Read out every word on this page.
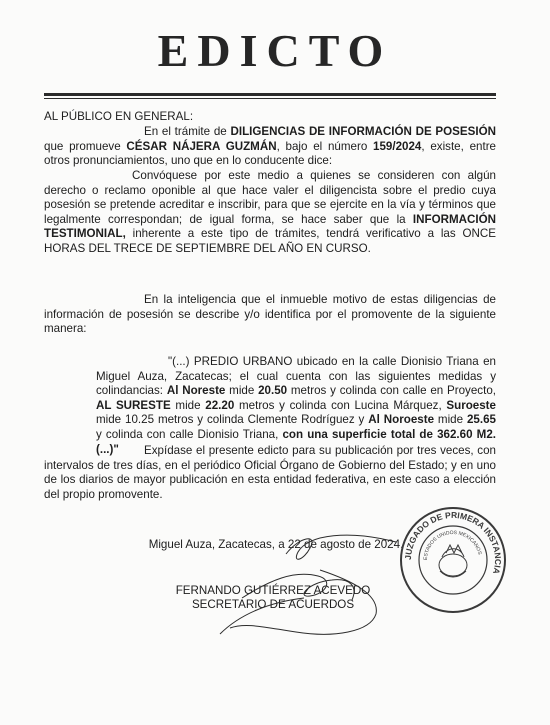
EDICTO

AL PÚBLICO EN GENERAL:

En el trámite de DILIGENCIAS DE INFORMACIÓN DE POSESIÓN que promueve CÉSAR NÁJERA GUZMÁN, bajo el número 159/2024, existe, entre otros pronunciamientos, uno que en lo conducente dice:

Convóquese por este medio a quienes se consideren con algún derecho o reclamo oponible al que hace valer el diligencista sobre el predio cuya posesión se pretende acreditar e inscribir, para que se ejercite en la vía y términos que legalmente correspondan; de igual forma, se hace saber que la INFORMACIÓN TESTIMONIAL, inherente a este tipo de trámites, tendrá verificativo a las ONCE HORAS DEL TRECE DE SEPTIEMBRE DEL AÑO EN CURSO.

En la inteligencia que el inmueble motivo de estas diligencias de información de posesión se describe y/o identifica por el promovente de la siguiente manera:

"(...) PREDIO URBANO ubicado en la calle Dionisio Triana en Miguel Auza, Zacatecas; el cual cuenta con las siguientes medidas y colindancias: Al Noreste mide 20.50 metros y colinda con calle en Proyecto, AL SURESTE mide 22.20 metros y colinda con Lucina Márquez, Suroeste mide 10.25 metros y colinda Clemente Rodríguez y Al Noroeste mide 25.65 y colinda con calle Dionisio Triana, con una superficie total de 362.60 M2. (...)"	Expídase el presente edicto para su publicación por tres veces, con intervalos de tres días, en el periódico Oficial Órgano de Gobierno del Estado; y en uno de los diarios de mayor publicación en esta entidad federativa, en este caso a elección del propio promovente.

Miguel Auza, Zacatecas, a 22 de agosto de 2024.
FERNANDO GUTIÉRREZ ACEVEDO
SECRETARIO DE ACUERDOS
JUZGADO DE PRIMERA INSTANCIA
ESTADOS UNIDOS MEXICANOS
